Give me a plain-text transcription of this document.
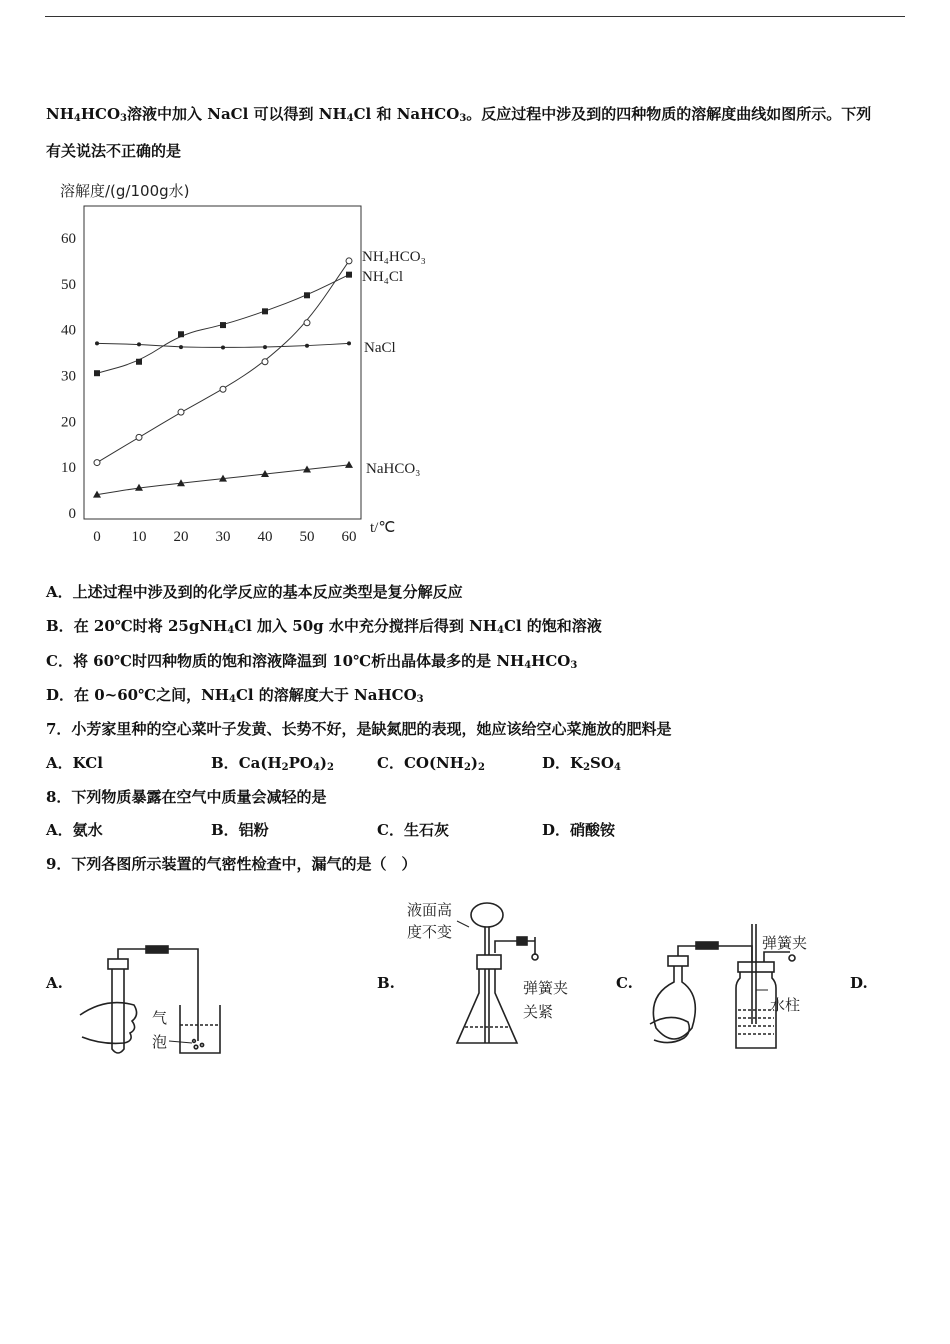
$NH_4HCO_3$溶液中加入 NaCl 可以得到 $NH_4Cl$ 和 NaHCO$_3$。反应过程中涉及到的四种物质的溶解度曲线如图所示。下列
有关说法不正确的是
溶解度/(g/100g水)
t/℃
0
10
20
30
40
50
60
0 10 20 30 40 50 60
NH₄HCO₃
NH₄Cl
NaCl
NaHCO₃
A．上述过程中涉及到的化学反应的基本反应类型是复分解反应
B．在 20℃时将 25gNH$_4$Cl 加入 50g 水中充分搅拌后得到 $NH_4Cl$ 的饱和溶液
C．将 60℃时四种物质的饱和溶液降温到 10℃析出晶体最多的是 $NH_4HCO_3$
D．在 0~60℃之间，$NH_4Cl$ 的溶解度大于 NaHCO$_3$
7．小芳家里种的空心菜叶子发黄、长势不好，是缺氮肥的表现，她应该给空心菜施放的肥料是
A．KCl	B．$Ca(H_2PO_4)_2$	C．$CO(NH_2)_2$	D．$K_2SO_4$
8．下列物质暴露在空气中质量会减轻的是
A．氨水	B．铝粉	C．生石灰	D．硝酸铵
9．下列各图所示装置的气密性检查中，漏气的是（　）
A.	B.	C.	D.
气
泡
液面高
度不变
弹簧夹
关紧
弹簧夹
水柱
